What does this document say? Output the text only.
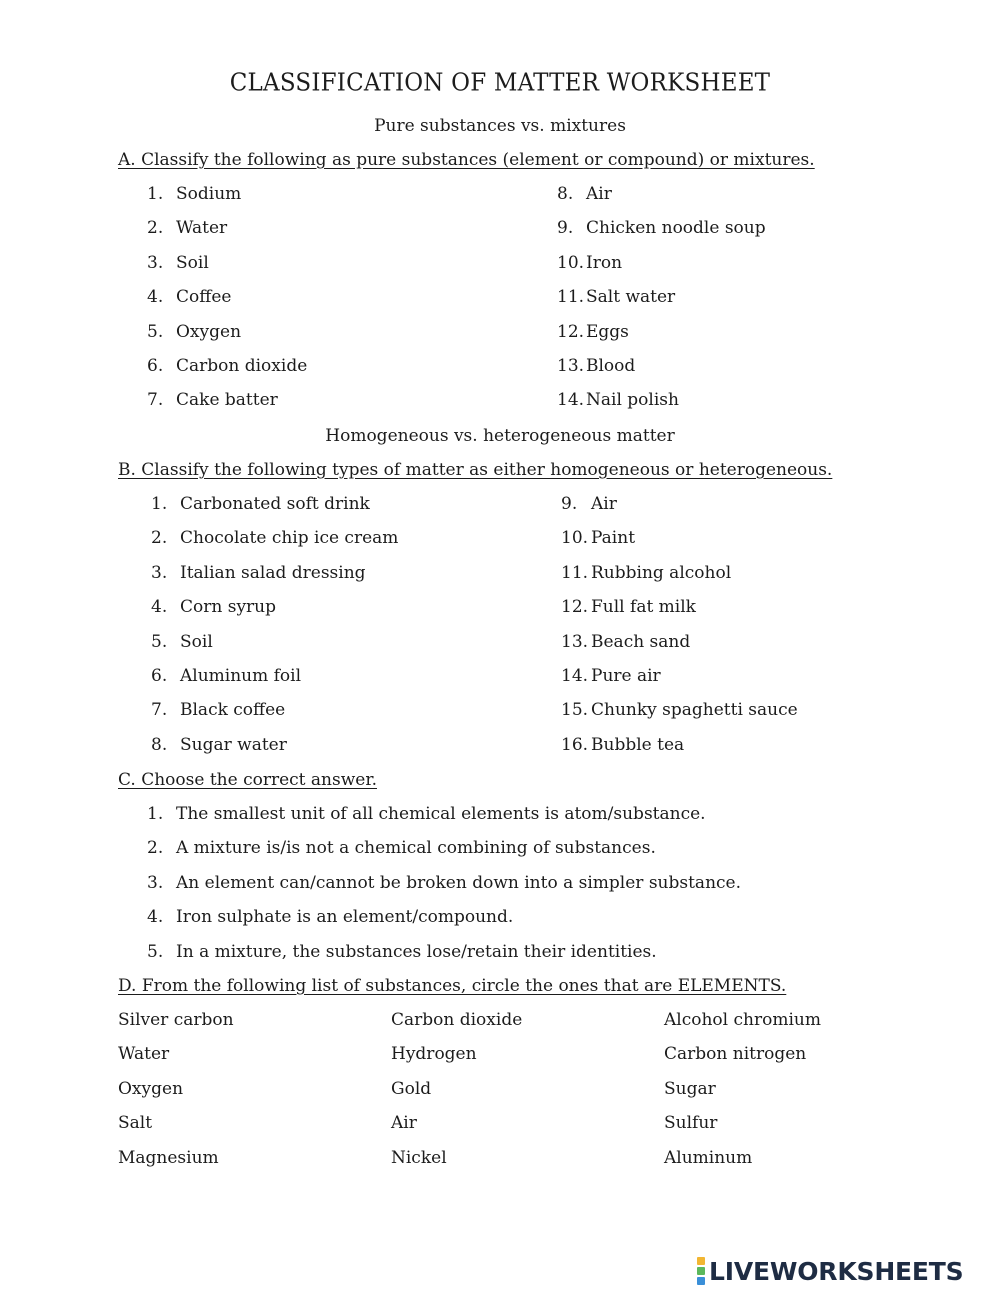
CLASSIFICATION OF MATTER WORKSHEET
Pure substances vs. mixtures
A. Classify the following as pure substances (element or compound) or mixtures.
1. Sodium
2. Water
3. Soil
4. Coffee
5. Oxygen
6. Carbon dioxide
7. Cake batter
8. Air
9. Chicken noodle soup
10. Iron
11. Salt water
12. Eggs
13. Blood
14. Nail polish
Homogeneous vs. heterogeneous matter
B. Classify the following types of matter as either homogeneous or heterogeneous.
1. Carbonated soft drink
2. Chocolate chip ice cream
3. Italian salad dressing
4. Corn syrup
5. Soil
6. Aluminum foil
7. Black coffee
8. Sugar water
9. Air
10. Paint
11. Rubbing alcohol
12. Full fat milk
13. Beach sand
14. Pure air
15. Chunky spaghetti sauce
16. Bubble tea
C. Choose the correct answer.
1. The smallest unit of all chemical elements is atom/substance.
2. A mixture is/is not a chemical combining of substances.
3. An element can/cannot be broken down into a simpler substance.
4. Iron sulphate is an element/compound.
5. In a mixture, the substances lose/retain their identities.
D. From the following list of substances, circle the ones that are ELEMENTS.
Silver carbon
Water
Oxygen
Salt
Magnesium
Carbon dioxide
Hydrogen
Gold
Air
Nickel
Alcohol chromium
Carbon nitrogen
Sugar
Sulfur
Aluminum
LIVEWORKSHEETS
